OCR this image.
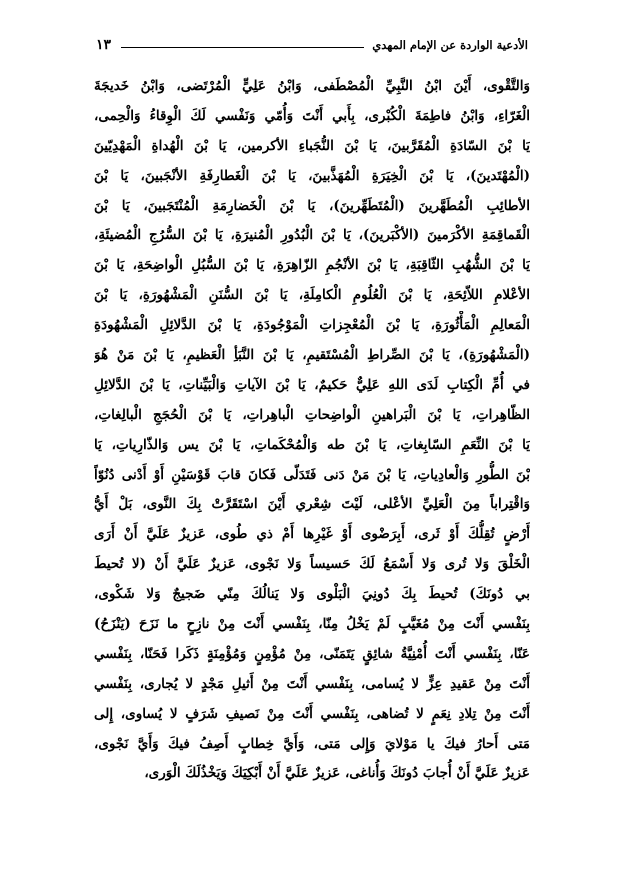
الأدعية الواردة عن الإمام المهدي
١٣
وَالتَّقْوى، أَيْنَ ابْنُ النَّبِيِّ الْمُصْطَفى، وَابْنُ عَلِيٍّ الْمُرْتَضى، وَابْنُ خَديجَةَ
الْغَرّاءِ، وَابْنُ فاطِمَةَ الْكُبْرى، بِأَبي أَنْتَ وَأُمّي وَنَفْسي لَكَ الْوِقاءُ وَالْحِمى،
يَا بْنَ السّادَةِ الْمُقَرَّبينَ، يَا بْنَ النُّجَباءِ الأكرمين، يَا بْنَ الْهُداةِ الْمَهْدِيّينَ
(الْمُهْتَدينَ)، يَا بْنَ الْخِيَرَةِ الْمُهَذَّبينَ، يَا بْنَ الْغَطارِفَةِ الأنْجَبينَ، يَا بْنَ
الأطائِبِ الْمُطَهَّرينَ (الْمُتَطَهِّرينَ)، يَا بْنَ الْخَضارِمَةِ الْمُنْتَجَبينَ، يَا بْنَ
الْقَماقِمَةِ الأكْرَمينَ (الأكْبَرينَ)، يَا بْنَ الْبُدُورِ الْمُنيرَةِ، يَا بْنَ السُّرُجِ الْمُضيئَةِ،
يَا بْنَ الشُّهُبِ الثّاقِبَةِ، يَا بْنَ الأنْجُمِ الزّاهِرَةِ، يَا بْنَ السُّبُلِ الْواضِحَةِ، يَا بْنَ
الأعْلامِ اللاّئِحَةِ، يَا بْنَ الْعُلُومِ الْكامِلَةِ، يَا بْنَ السُّنَنِ الْمَشْهُورَةِ، يَا بْنَ
الْمَعالِمِ الْمَأْثُورَةِ، يَا بْنَ الْمُعْجِزاتِ الْمَوْجُودَةِ، يَا بْنَ الدَّلائِلِ الْمَشْهُودَةِ
(الْمَشْهُورَةِ)، يَا بْنَ الصِّراطِ الْمُسْتَقيمِ، يَا بْنَ النَّبَأِ الْعَظيمِ، يَا بْنَ مَنْ هُوَ
في أُمِّ الْكِتابِ لَدَى اللهِ عَلِيٌّ حَكيمٌ، يَا بْنَ الآياتِ وَالْبَيِّناتِ، يَا بْنَ الدَّلائِلِ
الظّاهِراتِ، يَا بْنَ الْبَراهينِ الْواضِحاتِ الْباهِراتِ، يَا بْنَ الْحُجَجِ الْبالِغاتِ،
يَا بْنَ النِّعَمِ السّابِغاتِ، يَا بْنَ طه وَالْمُحْكَماتِ، يَا بْنَ يس وَالذّارِياتِ، يَا
بْنَ الطُّورِ وَالْعادِياتِ، يَا بْنَ مَنْ دَنى فَتَدَلّى فَكانَ قابَ قَوْسَيْنِ أَوْ أَدْنى دُنُوّاً
وَاقْتِراباً مِنَ الْعَلِيِّ الأعْلى، لَيْتَ شِعْري أَيْنَ اسْتَقَرَّتْ بِكَ النَّوى، بَلْ أَيُّ
أَرْضٍ تُقِلُّكَ أَوْ ثَرى، أَبِرَضْوى أَوْ غَيْرِها أَمْ ذي طُوى، عَزيزٌ عَلَيَّ أَنْ أَرَى
الْخَلْقَ وَلا تُرى وَلا أَسْمَعُ لَكَ حَسيساً وَلا نَجْوى، عَزيزٌ عَلَيَّ أَنْ (لا تُحيطَ
بي دُونَكَ) تُحيطَ بِكَ دُونِيَ الْبَلْوى وَلا يَنالُكَ مِنّي ضَجيجٌ وَلا شَكْوى،
بِنَفْسي أَنْتَ مِنْ مُغَيَّبٍ لَمْ يَخْلُ مِنّا، بِنَفْسي أَنْتَ مِنْ نازِحٍ ما نَزَحَ (يَنْزَحُ)
عَنّا، بِنَفْسي أَنْتَ أُمْنِيَّةُ شائِقٍ يَتَمَنّى، مِنْ مُؤْمِنٍ وَمُؤْمِنَةٍ ذَكَرا فَحَنّا، بِنَفْسي
أَنْتَ مِنْ عَقيدِ عِزٍّ لا يُسامى، بِنَفْسي أَنْتَ مِنْ أَثيلِ مَجْدٍ لا يُجارى، بِنَفْسي
أَنْتَ مِنْ تِلادِ نِعَمٍ لا تُضاهى، بِنَفْسي أَنْتَ مِنْ نَصيفِ شَرَفٍ لا يُساوى، إِلى
مَتى أَحارُ فيكَ يا مَوْلايَ وَإِلى مَتى، وَأَيَّ خِطابٍ أَصِفُ فيكَ وَأَيَّ نَجْوى،
عَزيزٌ عَلَيَّ أَنْ أُجابَ دُونَكَ وَأُناغى، عَزيزٌ عَلَيَّ أَنْ أَبْكِيَكَ وَيَخْذُلَكَ الْوَرى،
